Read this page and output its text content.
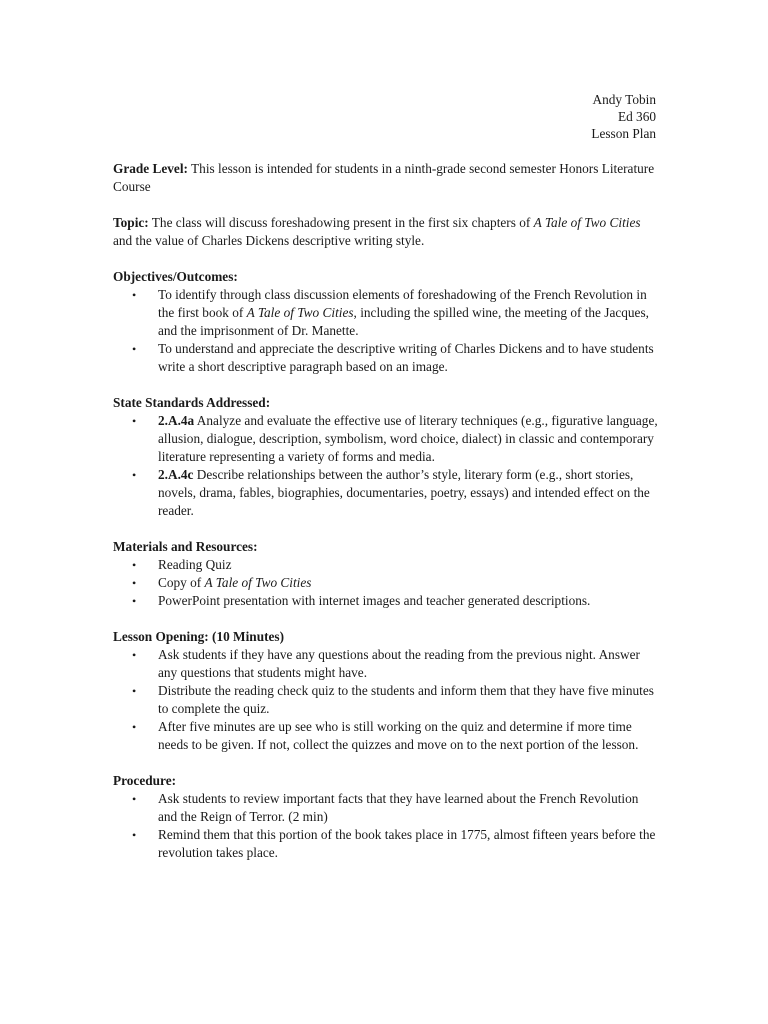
Andy Tobin
Ed 360
Lesson Plan

Grade Level: This lesson is intended for students in a ninth-grade second semester Honors Literature Course

Topic: The class will discuss foreshadowing present in the first six chapters of A Tale of Two Cities and the value of Charles Dickens descriptive writing style.

Objectives/Outcomes:
• To identify through class discussion elements of foreshadowing of the French Revolution in the first book of A Tale of Two Cities, including the spilled wine, the meeting of the Jacques, and the imprisonment of Dr. Manette.
• To understand and appreciate the descriptive writing of Charles Dickens and to have students write a short descriptive paragraph based on an image.
State Standards Addressed:
• 2.A.4a Analyze and evaluate the effective use of literary techniques (e.g., figurative language, allusion, dialogue, description, symbolism, word choice, dialect) in classic and contemporary literature representing a variety of forms and media.
• 2.A.4c Describe relationships between the author’s style, literary form (e.g., short stories, novels, drama, fables, biographies, documentaries, poetry, essays) and intended effect on the reader.
Materials and Resources:
• Reading Quiz
• Copy of A Tale of Two Cities
• PowerPoint presentation with internet images and teacher generated descriptions.
Lesson Opening: (10 Minutes)
• Ask students if they have any questions about the reading from the previous night. Answer any questions that students might have.
• Distribute the reading check quiz to the students and inform them that they have five minutes to complete the quiz.
• After five minutes are up see who is still working on the quiz and determine if more time needs to be given. If not, collect the quizzes and move on to the next portion of the lesson.
Procedure:
• Ask students to review important facts that they have learned about the French Revolution and the Reign of Terror. (2 min)
• Remind them that this portion of the book takes place in 1775, almost fifteen years before the revolution takes place.
